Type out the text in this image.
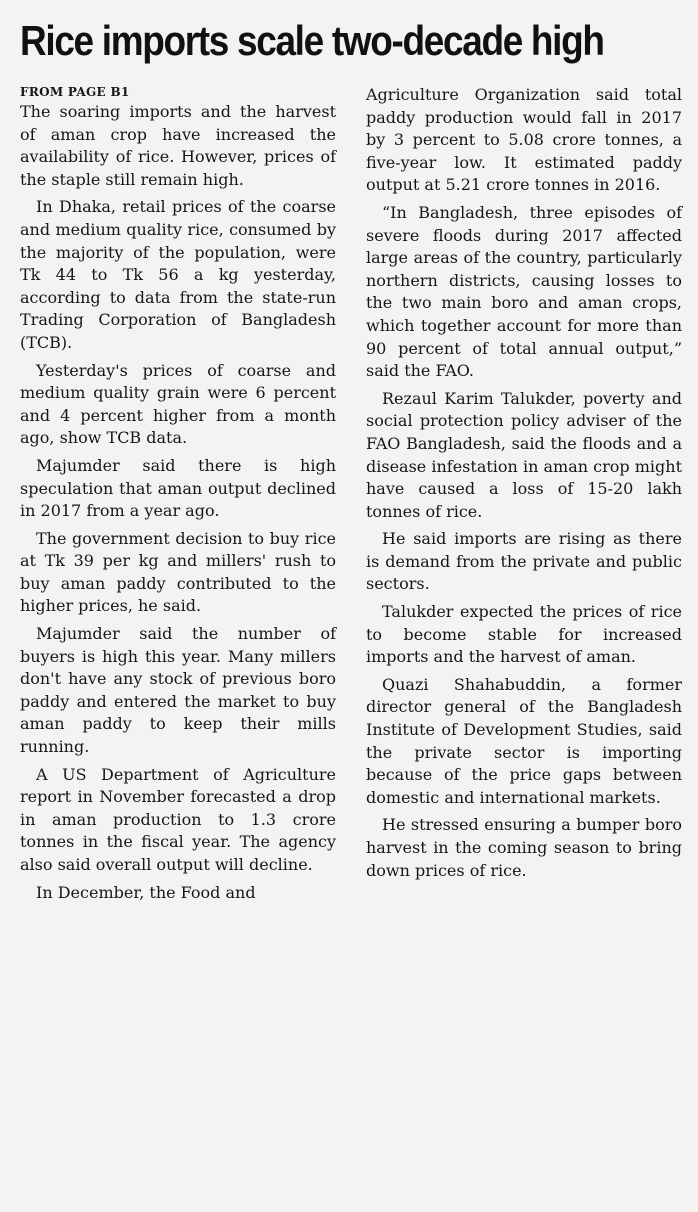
Rice imports scale two-decade high
FROM PAGE B1

The soaring imports and the harvest of aman crop have increased the availability of rice. However, prices of the staple still remain high.

In Dhaka, retail prices of the coarse and medium quality rice, consumed by the majority of the population, were Tk 44 to Tk 56 a kg yesterday, according to data from the state-run Trading Corporation of Bangladesh (TCB).

Yesterday's prices of coarse and medium quality grain were 6 percent and 4 percent higher from a month ago, show TCB data.

Majumder said there is high speculation that aman output declined in 2017 from a year ago.

The government decision to buy rice at Tk 39 per kg and millers' rush to buy aman paddy contributed to the higher prices, he said.

Majumder said the number of buyers is high this year. Many millers don't have any stock of previous boro paddy and entered the market to buy aman paddy to keep their mills running.

A US Department of Agriculture report in November forecasted a drop in aman production to 1.3 crore tonnes in the fiscal year. The agency also said overall output will decline.

In December, the Food and

Agriculture Organization said total paddy production would fall in 2017 by 3 percent to 5.08 crore tonnes, a five-year low. It estimated paddy output at 5.21 crore tonnes in 2016.

“In Bangladesh, three episodes of severe floods during 2017 affected large areas of the country, particularly northern districts, causing losses to the two main boro and aman crops, which together account for more than 90 percent of total annual output,” said the FAO.

Rezaul Karim Talukder, poverty and social protection policy adviser of the FAO Bangladesh, said the floods and a disease infestation in aman crop might have caused a loss of 15-20 lakh tonnes of rice.

He said imports are rising as there is demand from the private and public sectors.

Talukder expected the prices of rice to become stable for increased imports and the harvest of aman.

Quazi Shahabuddin, a former director general of the Bangladesh Institute of Development Studies, said the private sector is importing because of the price gaps between domestic and international markets.

He stressed ensuring a bumper boro harvest in the coming season to bring down prices of rice.
